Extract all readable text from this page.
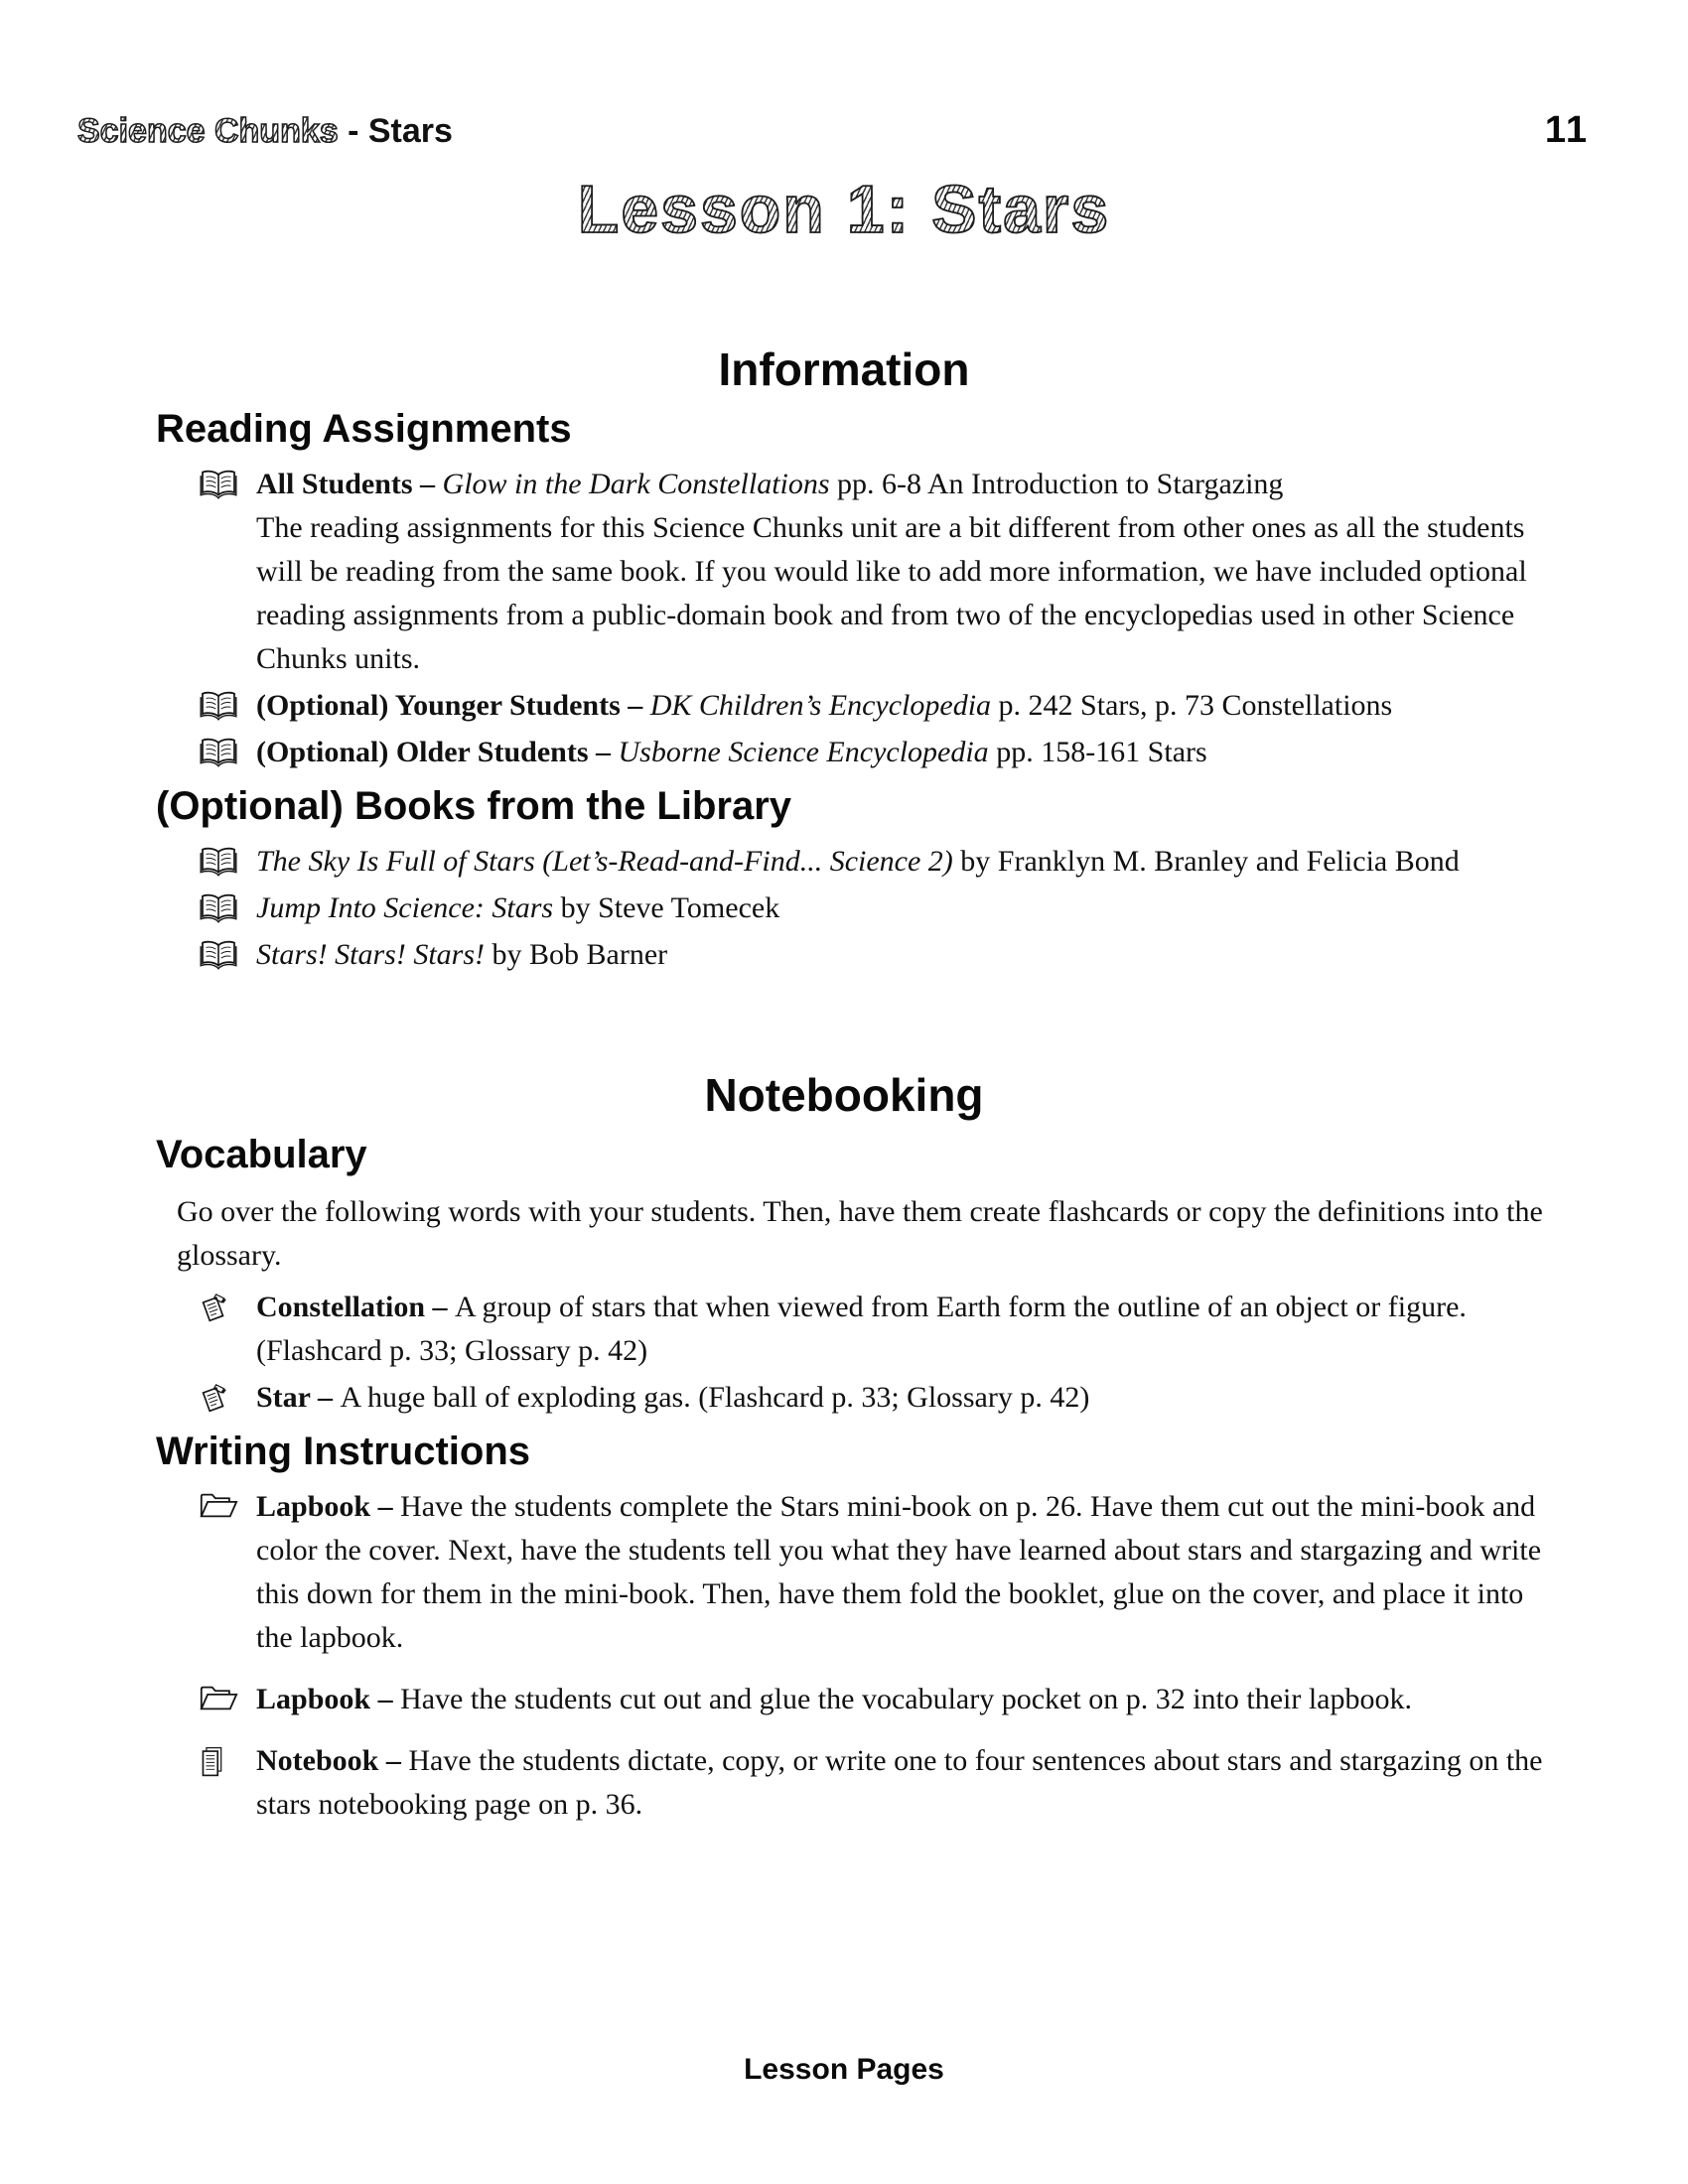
Science Chunks - Stars	11
Lesson 1: Stars
Information
Reading Assignments
All Students – Glow in the Dark Constellations pp. 6-8 An Introduction to Stargazing
The reading assignments for this Science Chunks unit are a bit different from other ones as all the students will be reading from the same book. If you would like to add more information, we have included optional reading assignments from a public-domain book and from two of the encyclopedias used in other Science Chunks units.
(Optional) Younger Students – DK Children’s Encyclopedia p. 242 Stars, p. 73 Constellations
(Optional) Older Students – Usborne Science Encyclopedia pp. 158-161 Stars
(Optional) Books from the Library
The Sky Is Full of Stars (Let’s-Read-and-Find... Science 2) by Franklyn M. Branley and Felicia Bond
Jump Into Science: Stars by Steve Tomecek
Stars! Stars! Stars! by Bob Barner
Notebooking
Vocabulary

Go over the following words with your students. Then, have them create flashcards or copy the definitions into the glossary.

Constellation – A group of stars that when viewed from Earth form the outline of an object or figure. (Flashcard p. 33; Glossary p. 42)
Star – A huge ball of exploding gas. (Flashcard p. 33; Glossary p. 42)
Writing Instructions
Lapbook – Have the students complete the Stars mini-book on p. 26. Have them cut out the mini-book and color the cover. Next, have the students tell you what they have learned about stars and stargazing and write this down for them in the mini-book. Then, have them fold the booklet, glue on the cover, and place it into the lapbook.
Lapbook – Have the students cut out and glue the vocabulary pocket on p. 32 into their lapbook.
Notebook – Have the students dictate, copy, or write one to four sentences about stars and stargazing on the stars notebooking page on p. 36.
Lesson Pages
